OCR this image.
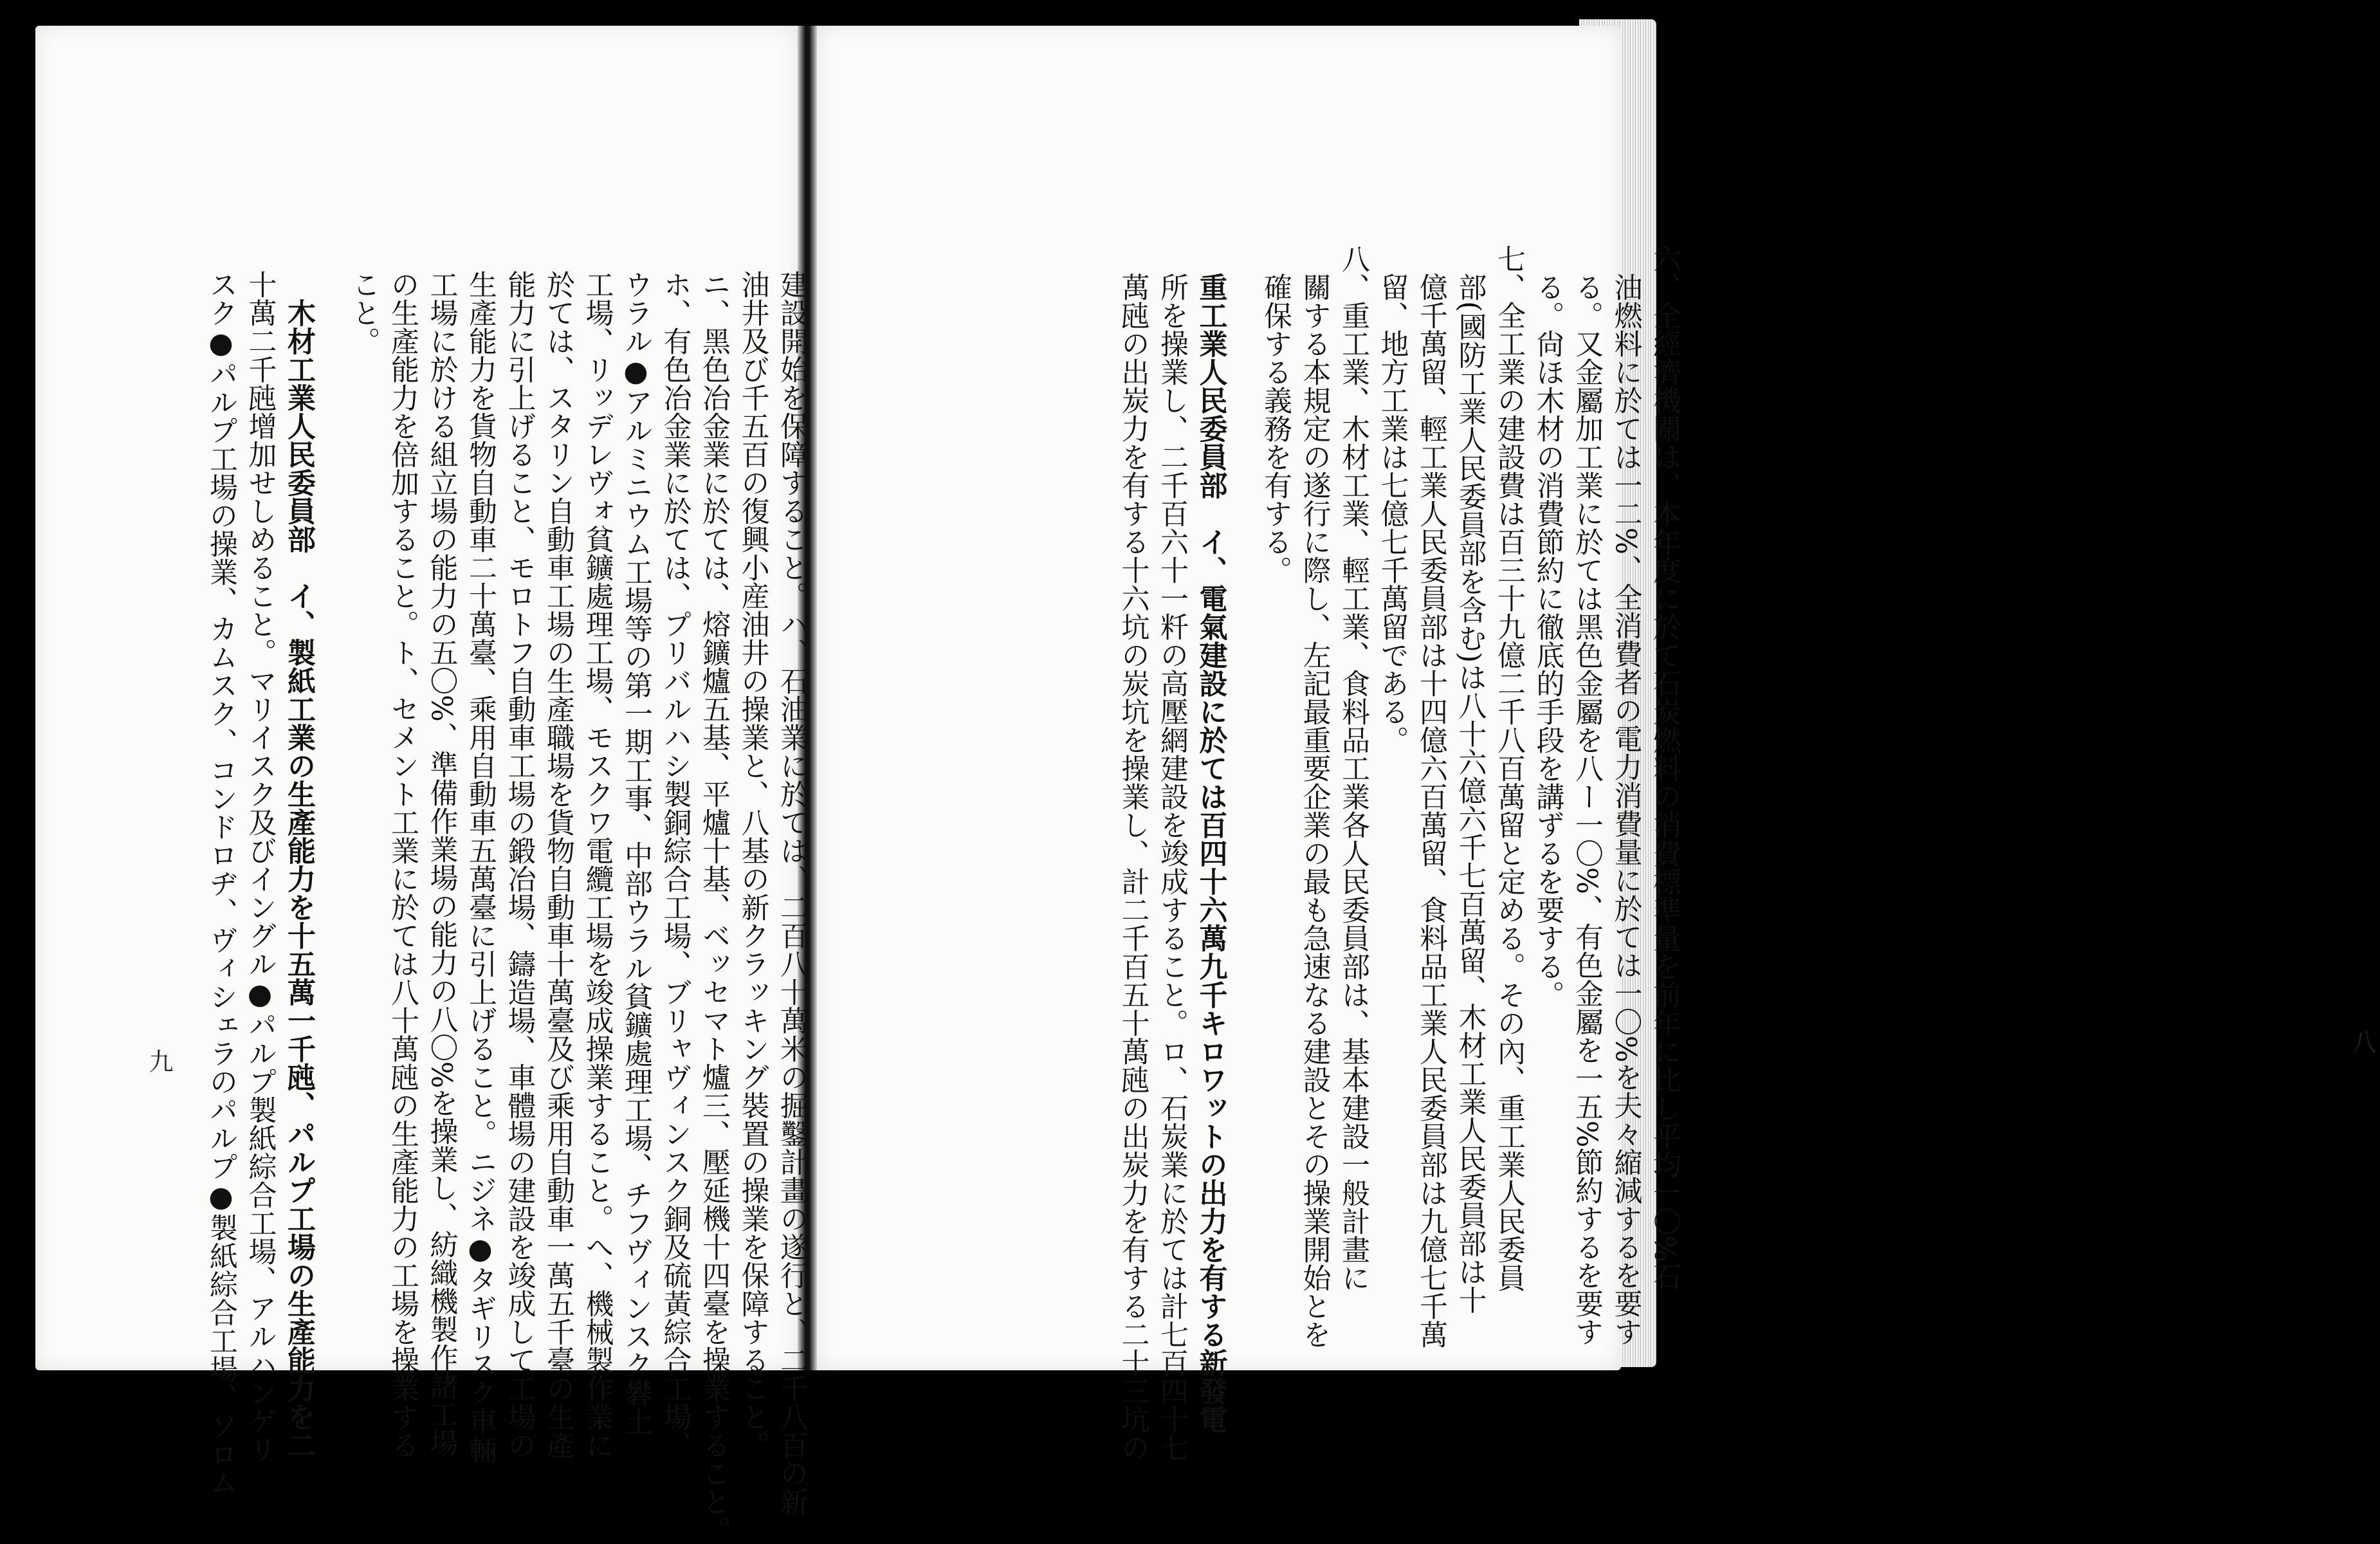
建設開始を保障すること。ハ、石油業に於ては、二百八十萬米の掘鑿計畫の遂行と、二千八百の新
油井及び千五百の復興小産油井の操業と、八基の新クラッキング裝置の操業を保障すること。
ニ、黑色冶金業に於ては、熔鑛爐五基、平爐十基、ベッセマト爐三、壓延機十四臺を操業すること。
ホ、有色冶金業に於ては、プリバルハシ製銅綜合工場、ブリャヴィンスク銅及硫黃綜合工場、
ウラル●アルミニウム工場等の第一期工事、中部ウラル貧鑛處理工場、チフヴィンスク礬土
工場、リッデレヴォ貧鑛處理工場、モスクワ電纜工場を竣成操業すること。へ、機械製作業に
於ては、スタリン自動車工場の生產職場を貨物自動車十萬臺及び乘用自動車一萬五千臺の生產
能力に引上げること、モロトフ自動車工場の鍛冶場、鑄造場、車體場の建設を竣成して工場の
生產能力を貨物自動車二十萬臺、乘用自動車五萬臺に引上げること。ニジネ●タギリスク車輛
工場に於ける組立場の能力の五〇%、準備作業場の能力の八〇%を操業し、紡織機製作諸工場
の生產能力を倍加すること。ト、セメント工業に於ては八十萬瓲の生產能力の工場を操業する
こと。
木材工業人民委員部　イ、製紙工業の生產能力を十五萬一千瓲、パルプ工場の生產能力を二
十萬二千瓲增加せしめること。マリイスク及びイングル●パルプ製紙綜合工場、アルハンゲリ
スク●パルプ工場の操業、カムスク、コンドロヂ、ヴィシェラのパルプ●製紙綜合工場、ソロム
九	六、全經濟機關は、本年度に於て石炭燃料の消費標準量を前年に比し平均一〇%石
油燃料に於ては一二%、全消費者の電力消費量に於ては一〇%を夫々縮減するを要す
る。又金屬加工業に於ては黑色金屬を八ー一〇%、有色金屬を一五%節約するを要す
る。尙ほ木材の消費節約に徹底的手段を講ずるを要する。
七、全工業の建設費は百三十九億二千八百萬留と定める。その內、重工業人民委員
部(國防工業人民委員部を含む)は八十六億六千七百萬留、木材工業人民委員部は十
億千萬留、輕工業人民委員部は十四億六百萬留、食料品工業人民委員部は九億七千萬
留、地方工業は七億七千萬留である。
八、重工業、木材工業、輕工業、食料品工業各人民委員部は、基本建設一般計畫に
關する本規定の遂行に際し、左記最重要企業の最も急速なる建設とその操業開始とを
確保する義務を有する。
重工業人民委員部　イ、電氣建設に於ては百四十六萬九千キロワットの出力を有する新發電
所を操業し、二千百六十一粁の高壓網建設を竣成すること。ロ、石炭業に於ては計七百四十七
萬瓲の出炭力を有する十六坑の炭坑を操業し、計二千百五十萬瓲の出炭力を有する二十三坑の	八
